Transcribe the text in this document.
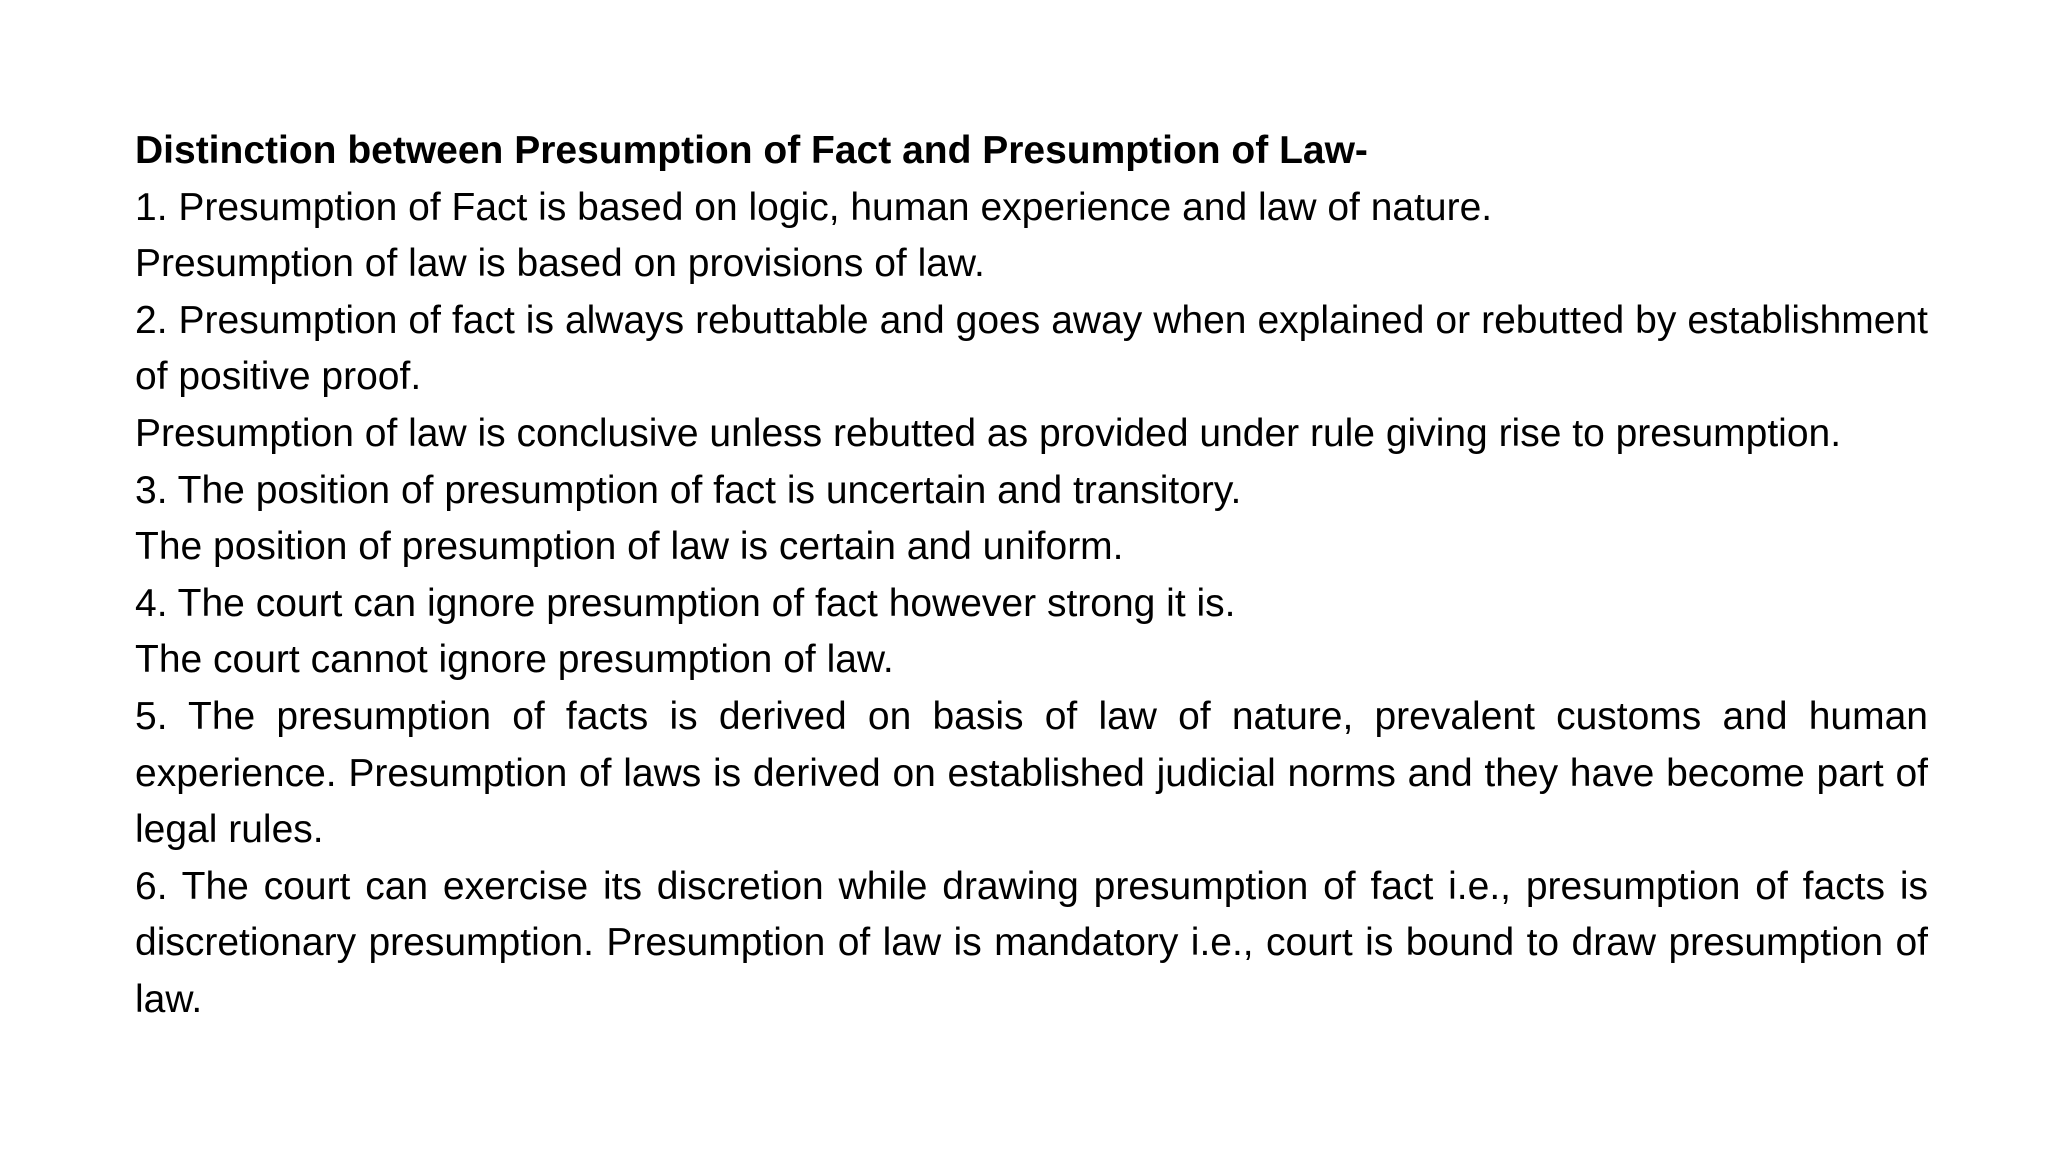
Distinction between Presumption of Fact and Presumption of Law-

1. Presumption of Fact is based on logic, human experience and law of nature.

Presumption of law is based on provisions of law.

2. Presumption of fact is always rebuttable and goes away when explained or rebutted by establishment of positive proof.

Presumption of law is conclusive unless rebutted as provided under rule giving rise to presumption.

3. The position of presumption of fact is uncertain and transitory.

The position of presumption of law is certain and uniform.

4. The court can ignore presumption of fact however strong it is.

The court cannot ignore presumption of law.

5. The presumption of facts is derived on basis of law of nature, prevalent customs and human experience. Presumption of laws is derived on established judicial norms and they have become part of legal rules.

6. The court can exercise its discretion while drawing presumption of fact i.e., presumption of facts is discretionary presumption. Presumption of law is mandatory i.e., court is bound to draw presumption of law.
